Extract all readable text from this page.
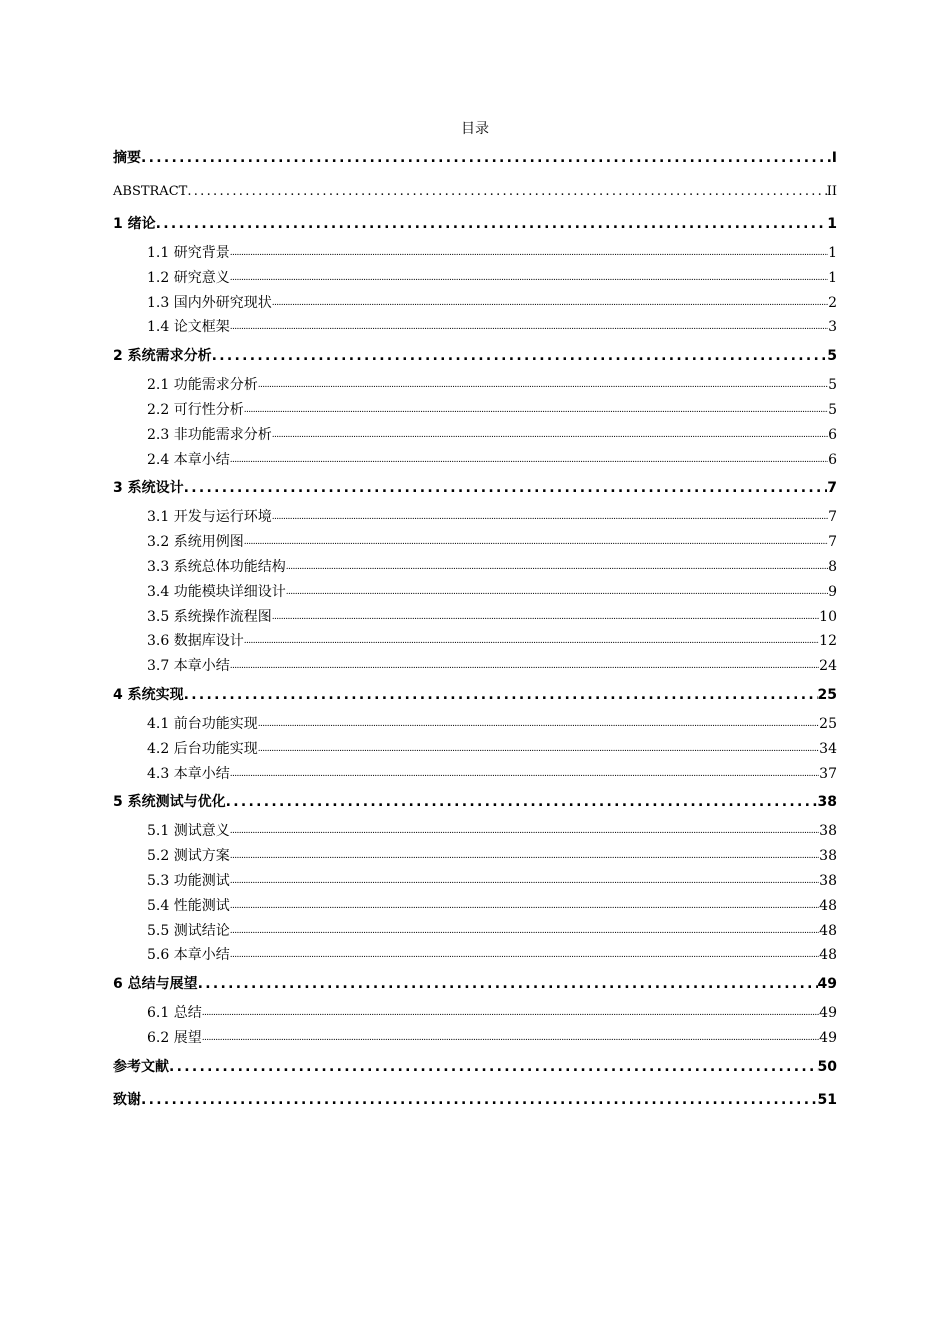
目录
摘要 .....	I
ABSTRACT .....	II
1 绪论 .....	1
1.1 研究背景 .....	1
1.2 研究意义 .....	1
1.3 国内外研究现状 .....	2
1.4 论文框架 .....	3
2 系统需求分析 .....	5
2.1 功能需求分析 .....	5
2.2 可行性分析 .....	5
2.3 非功能需求分析 .....	6
2.4 本章小结 .....	6
3 系统设计 .....	7
3.1 开发与运行环境 .....	7
3.2 系统用例图 .....	7
3.3 系统总体功能结构 .....	8
3.4 功能模块详细设计 .....	9
3.5 系统操作流程图 .....	10
3.6 数据库设计 .....	12
3.7 本章小结 .....	24
4 系统实现 .....	25
4.1 前台功能实现 .....	25
4.2 后台功能实现 .....	34
4.3 本章小结 .....	37
5 系统测试与优化 .....	38
5.1 测试意义 .....	38
5.2 测试方案 .....	38
5.3 功能测试 .....	38
5.4 性能测试 .....	48
5.5 测试结论 .....	48
5.6 本章小结 .....	48
6 总结与展望 .....	49
6.1 总结 .....	49
6.2 展望 .....	49
参考文献 .....	50
致谢 .....	51
